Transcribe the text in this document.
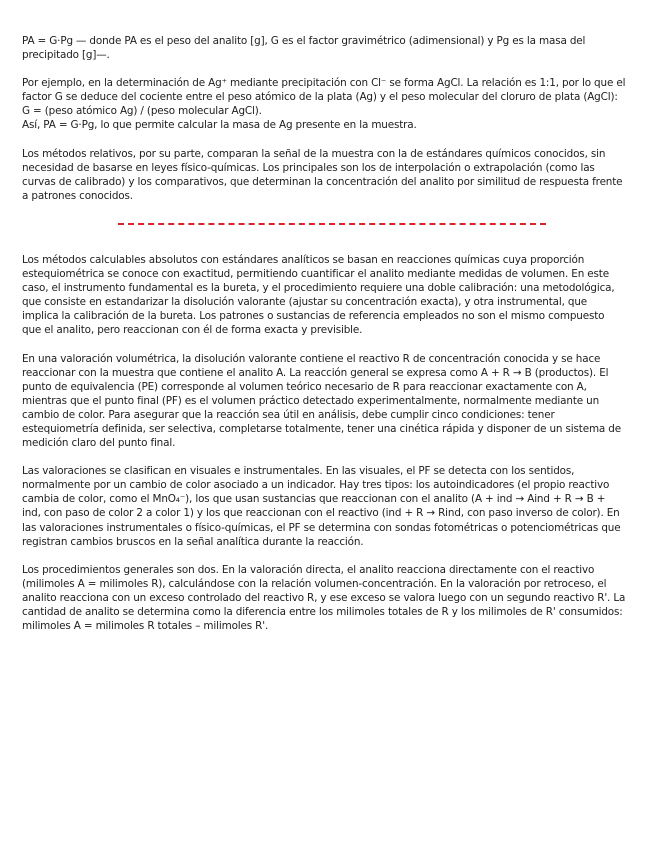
PA = G·Pg — donde PA es el peso del analito [g], G es el factor gravimétrico (adimensional) y Pg es la masa del precipitado [g]—.

Por ejemplo, en la determinación de Ag⁺ mediante precipitación con Cl⁻ se forma AgCl. La relación es 1:1, por lo que el factor G se deduce del cociente entre el peso atómico de la plata (Ag) y el peso molecular del cloruro de plata (AgCl):

G = (peso atómico Ag) / (peso molecular AgCl).

Así, PA = G·Pg, lo que permite calcular la masa de Ag presente en la muestra.

Los métodos relativos, por su parte, comparan la señal de la muestra con la de estándares químicos conocidos, sin necesidad de basarse en leyes físico-químicas. Los principales son los de interpolación o extrapolación (como las curvas de calibrado) y los comparativos, que determinan la concentración del analito por similitud de respuesta frente a patrones conocidos.

Los métodos calculables absolutos con estándares analíticos se basan en reacciones químicas cuya proporción estequiométrica se conoce con exactitud, permitiendo cuantificar el analito mediante medidas de volumen. En este caso, el instrumento fundamental es la bureta, y el procedimiento requiere una doble calibración: una metodológica, que consiste en estandarizar la disolución valorante (ajustar su concentración exacta), y otra instrumental, que implica la calibración de la bureta. Los patrones o sustancias de referencia empleados no son el mismo compuesto que el analito, pero reaccionan con él de forma exacta y previsible.

En una valoración volumétrica, la disolución valorante contiene el reactivo R de concentración conocida y se hace reaccionar con la muestra que contiene el analito A. La reacción general se expresa como A + R → B (productos). El punto de equivalencia (PE) corresponde al volumen teórico necesario de R para reaccionar exactamente con A, mientras que el punto final (PF) es el volumen práctico detectado experimentalmente, normalmente mediante un cambio de color. Para asegurar que la reacción sea útil en análisis, debe cumplir cinco condiciones: tener estequiometría definida, ser selectiva, completarse totalmente, tener una cinética rápida y disponer de un sistema de medición claro del punto final.

Las valoraciones se clasifican en visuales e instrumentales. En las visuales, el PF se detecta con los sentidos, normalmente por un cambio de color asociado a un indicador. Hay tres tipos: los autoindicadores (el propio reactivo cambia de color, como el MnO₄⁻), los que usan sustancias que reaccionan con el analito (A + ind → Aind + R → B + ind, con paso de color 2 a color 1) y los que reaccionan con el reactivo (ind + R → Rind, con paso inverso de color). En las valoraciones instrumentales o físico-químicas, el PF se determina con sondas fotométricas o potenciométricas que registran cambios bruscos en la señal analítica durante la reacción.

Los procedimientos generales son dos. En la valoración directa, el analito reacciona directamente con el reactivo (milimoles A = milimoles R), calculándose con la relación volumen-concentración. En la valoración por retroceso, el analito reacciona con un exceso controlado del reactivo R, y ese exceso se valora luego con un segundo reactivo R'. La cantidad de analito se determina como la diferencia entre los milimoles totales de R y los milimoles de R' consumidos: milimoles A = milimoles R totales – milimoles R'.
